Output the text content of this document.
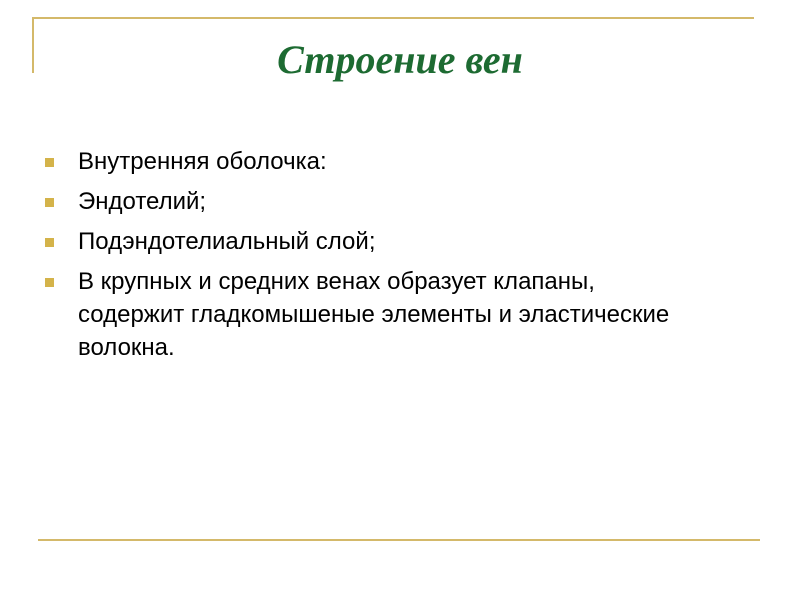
Строение вен
Внутренняя оболочка:
Эндотелий;
Подэндотелиальный слой;
В крупных и средних венах образует клапаны, содержит гладкомышеные элементы и эластические волокна.
